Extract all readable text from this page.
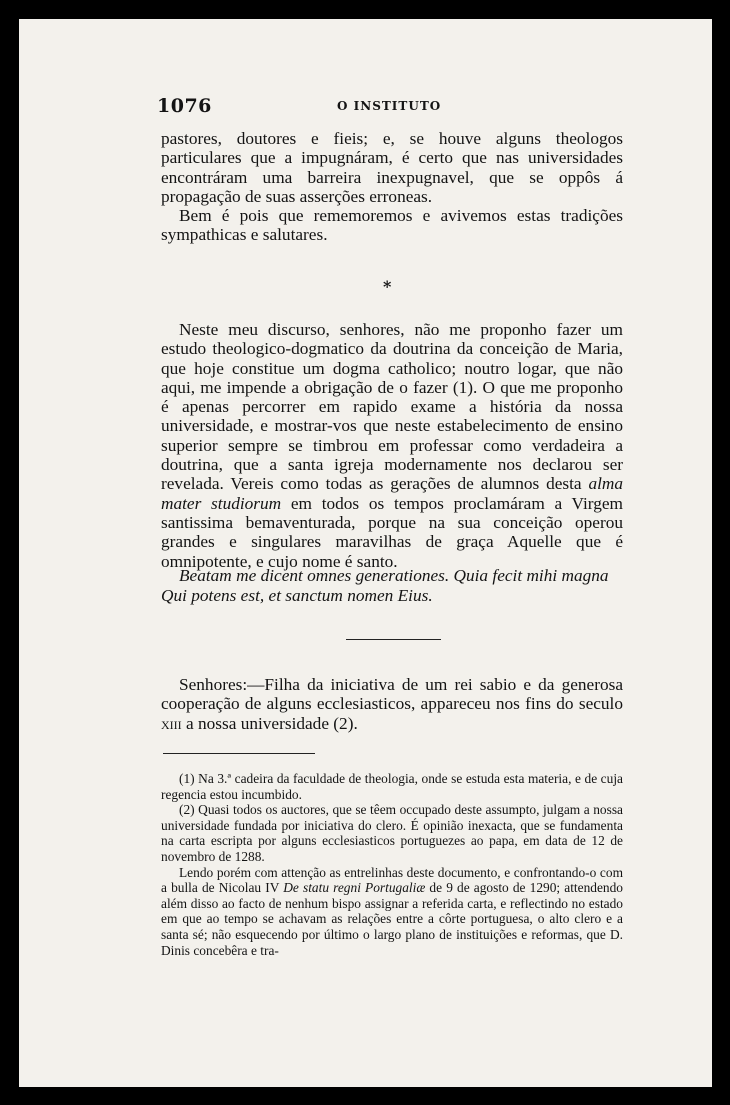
1076	O INSTITUTO

pastores, doutores e fieis; e, se houve alguns theologos particulares que a impugnáram, é certo que nas universidades encontráram uma barreira inexpugnavel, que se oppôs á propagação de suas asserções erroneas.

Bem é pois que rememoremos e avivemos estas tradições sympathicas e salutares.

*

Neste meu discurso, senhores, não me proponho fazer um estudo theologico-dogmatico da doutrina da conceição de Maria, que hoje constitue um dogma catholico; noutro logar, que não aqui, me impende a obrigação de o fazer (1). O que me proponho é apenas percorrer em rapido exame a história da nossa universidade, e mostrar-vos que neste estabelecimento de ensino superior sempre se timbrou em professar como verdadeira a doutrina, que a santa igreja modernamente nos declarou ser revelada. Vereis como todas as gerações de alumnos desta alma mater studiorum em todos os tempos proclamáram a Virgem santissima bemaventurada, porque na sua conceição operou grandes e singulares maravilhas de graça Aquelle que é omnipotente, e cujo nome é santo.

Beatam me dicent omnes generationes. Quia fecit mihi magna

Qui potens est, et sanctum nomen Eius.

Senhores:—Filha da iniciativa de um rei sabio e da generosa cooperação de alguns ecclesiasticos, appareceu nos fins do seculo xiii a nossa universidade (2).

(1) Na 3.ª cadeira da faculdade de theologia, onde se estuda esta materia, e de cuja regencia estou incumbido.

(2) Quasi todos os auctores, que se têem occupado deste assumpto, julgam a nossa universidade fundada por iniciativa do clero. É opinião inexacta, que se fundamenta na carta escripta por alguns ecclesiasticos portuguezes ao papa, em data de 12 de novembro de 1288.

Lendo porém com attenção as entrelinhas deste documento, e confrontando-o com a bulla de Nicolau IV De statu regni Portugaliæ de 9 de agosto de 1290; attendendo além disso ao facto de nenhum bispo assignar a referida carta, e reflectindo no estado em que ao tempo se achavam as relações entre a côrte portuguesa, o alto clero e a santa sé; não esquecendo por último o largo plano de instituições e reformas, que D. Dinis concebêra e tra-
